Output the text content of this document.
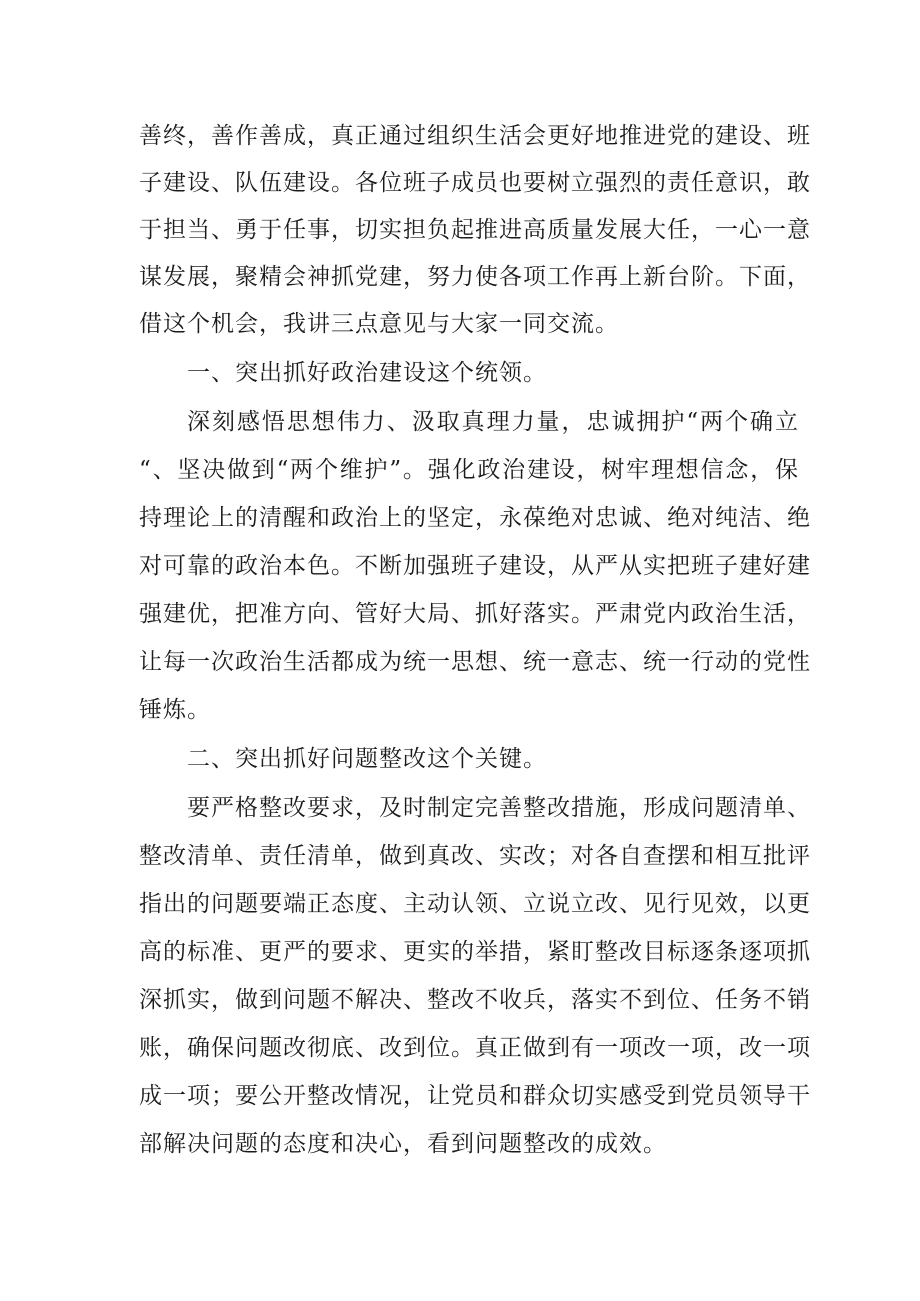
善终，善作善成，真正通过组织生活会更好地推进党的建设、班
子建设、队伍建设。各位班子成员也要树立强烈的责任意识，敢
于担当、勇于任事，切实担负起推进高质量发展大任，一心一意
谋发展，聚精会神抓党建，努力使各项工作再上新台阶。下面，
借这个机会，我讲三点意见与大家一同交流。
一、突出抓好政治建设这个统领。
深刻感悟思想伟力、汲取真理力量，忠诚拥护“两个确立
“、坚决做到“两个维护”。强化政治建设，树牢理想信念，保
持理论上的清醒和政治上的坚定，永葆绝对忠诚、绝对纯洁、绝
对可靠的政治本色。不断加强班子建设，从严从实把班子建好建
强建优，把准方向、管好大局、抓好落实。严肃党内政治生活，
让每一次政治生活都成为统一思想、统一意志、统一行动的党性
锤炼。
二、突出抓好问题整改这个关键。
要严格整改要求，及时制定完善整改措施，形成问题清单、
整改清单、责任清单，做到真改、实改；对各自查摆和相互批评
指出的问题要端正态度、主动认领、立说立改、见行见效，以更
高的标准、更严的要求、更实的举措，紧盯整改目标逐条逐项抓
深抓实，做到问题不解决、整改不收兵，落实不到位、任务不销
账，确保问题改彻底、改到位。真正做到有一项改一项，改一项
成一项；要公开整改情况，让党员和群众切实感受到党员领导干
部解决问题的态度和决心，看到问题整改的成效。
